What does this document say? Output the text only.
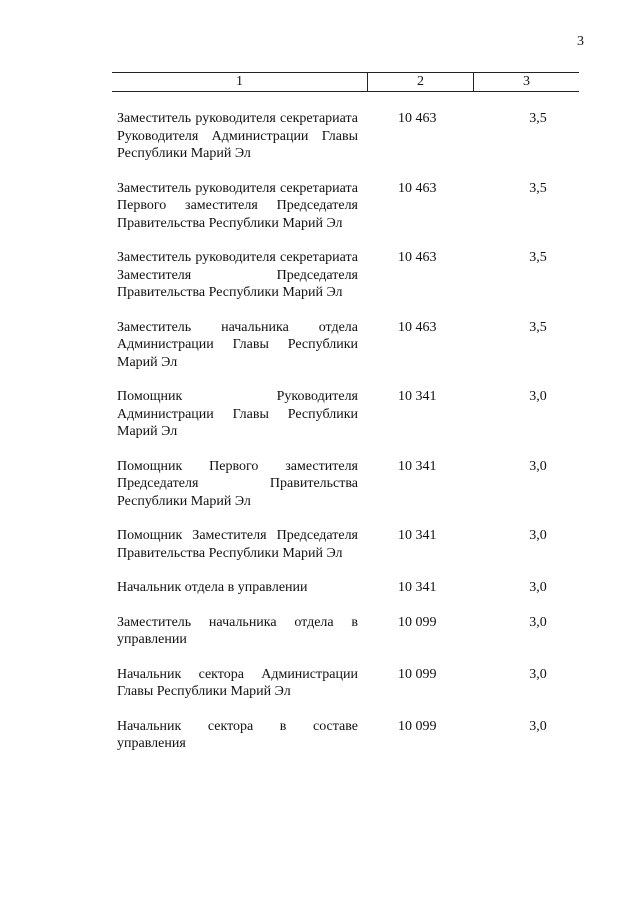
3
1	2	3
Заместитель руководителя секретариата Руководителя Администрации Главы Республики Марий Эл
10 463	3,5
Заместитель руководителя секретариата Первого заместителя Председателя Правительства Республики Марий Эл
10 463	3,5
Заместитель руководителя секретариата Заместителя Председателя Правительства Республики Марий Эл
10 463	3,5
Заместитель начальника отдела Администрации Главы Республики Марий Эл
10 463	3,5
Помощник Руководителя Администрации Главы Республики Марий Эл
10 341	3,0
Помощник Первого заместителя Председателя Правительства Республики Марий Эл
10 341	3,0
Помощник Заместителя Председателя Правительства Республики Марий Эл
10 341	3,0
Начальник отдела в управлении	10 341	3,0
Заместитель начальника отдела в управлении
10 099	3,0
Начальник сектора Администрации Главы Республики Марий Эл
10 099	3,0
Начальник сектора в составе управления
10 099	3,0
